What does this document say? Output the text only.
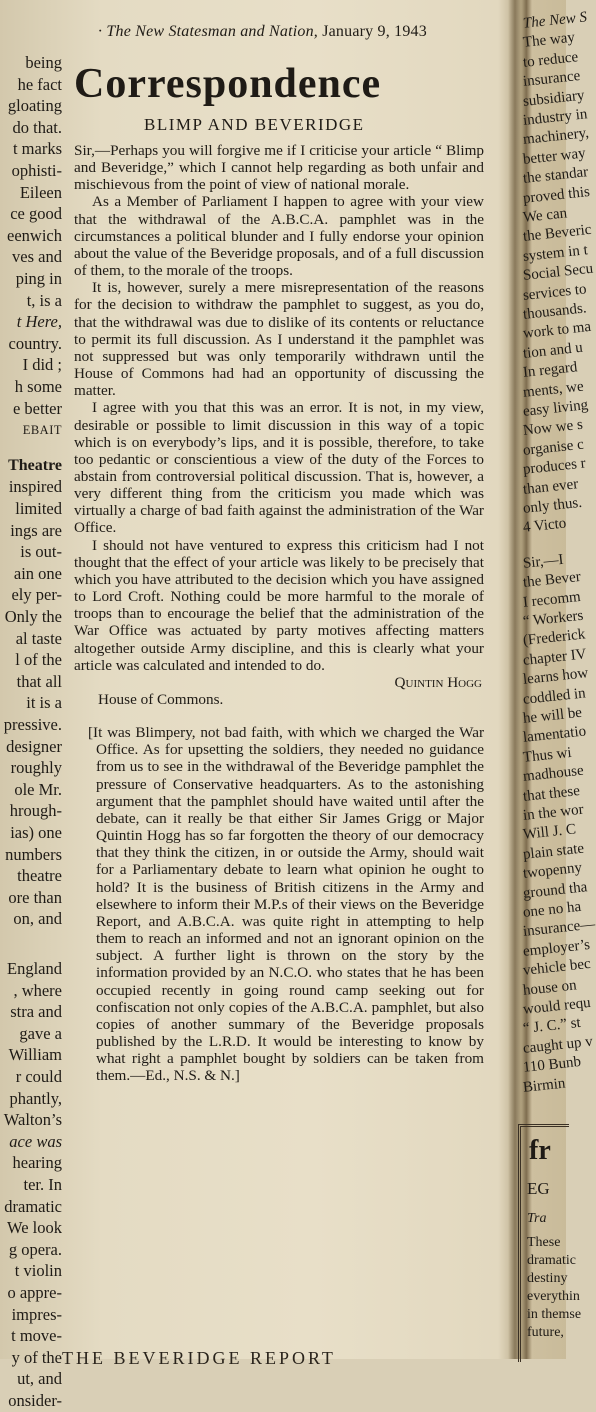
being
he fact
gloating
do that.
t marks
ophisti-
Eileen
ce good
eenwich
ves and
ping in
t, is a
t Here,
country.
I did ;
h some
e better
EBAIT
Theatre
inspired
limited
ings are
is out-
ain one
ely per-
Only the
al taste
l of the
that all
it is a
pressive.
designer
roughly
ole Mr.
hrough-
ias) one
numbers
theatre
ore than
on, and
England
, where
stra and
gave a
William
r could
phantly,
Walton’s
ace was
hearing
ter. In
dramatic
We look
g opera.
t violin
o appre-
impres-
t move-
y of the
ut, and
onsider-
· The New Statesman and Nation, January 9, 1943
Correspondence
BLIMP AND BEVERIDGE

Sir,—Perhaps you will forgive me if I criticise your article “ Blimp and Beveridge,” which I cannot help regarding as both unfair and mischievous from the point of view of national morale.

As a Member of Parliament I happen to agree with your view that the withdrawal of the A.B.C.A. pamphlet was in the circumstances a political blunder and I fully endorse your opinion about the value of the Beveridge proposals, and of a full discussion of them, to the morale of the troops.

It is, however, surely a mere misrepresentation of the reasons for the decision to withdraw the pamphlet to suggest, as you do, that the withdrawal was due to dislike of its contents or reluctance to permit its full discussion. As I understand it the pamphlet was not suppressed but was only temporarily withdrawn until the House of Commons had had an opportunity of discussing the matter.

I agree with you that this was an error. It is not, in my view, desirable or possible to limit discussion in this way of a topic which is on everybody’s lips, and it is possible, therefore, to take too pedantic or conscientious a view of the duty of the Forces to abstain from controversial political discussion. That is, however, a very different thing from the criticism you made which was virtually a charge of bad faith against the administration of the War Office.

I should not have ventured to express this criticism had I not thought that the effect of your article was likely to be precisely that which you have attributed to the decision which you have assigned to Lord Croft. Nothing could be more harmful to the morale of troops than to encourage the belief that the administration of the War Office was actuated by party motives affecting matters altogether outside Army discipline, and this is clearly what your article was calculated and intended to do.

Quintin Hogg

House of Commons.

[It was Blimpery, not bad faith, with which we charged the War Office. As for upsetting the soldiers, they needed no guidance from us to see in the withdrawal of the Beveridge pamphlet the pressure of Conservative headquarters. As to the astonishing argument that the pamphlet should have waited until after the debate, can it really be that either Sir James Grigg or Major Quintin Hogg has so far forgotten the theory of our democracy that they think the citizen, in or outside the Army, should wait for a Parliamentary debate to learn what opinion he ought to hold? It is the business of British citizens in the Army and elsewhere to inform their M.P.s of their views on the Beveridge Report, and A.B.C.A. was quite right in attempting to help them to reach an informed and not an ignorant opinion on the subject. A further light is thrown on the story by the information provided by an N.C.O. who states that he has been occupied recently in going round camp seeking out for confiscation not only copies of the A.B.C.A. pamphlet, but also copies of another summary of the Beveridge proposals published by the L.R.D. It would be interesting to know by what right a pamphlet bought by soldiers can be taken from them.—Ed., N.S. & N.]

THE BEVERIDGE REPORT
The New S
The way
to reduce
insurance
subsidiary
industry in
machinery,
better way
the standar
proved this
We can
the Beveric
system in t
Social Secu
services to
thousands.
work to ma
tion and u
In regard
ments, we
easy living
Now we s
organise c
produces r
than ever
only thus.
4 Victo
Sir,—I
the Bever
I recomm
“ Workers
(Frederick
chapter IV
learns how
coddled in
he will be
lamentatio
Thus wi
madhouse
that these
in the wor
Will J. C
plain state
twopenny
ground tha
one no ha
insurance—
employer’s
vehicle bec
house on
would requ
“ J. C.” st
caught up v
110 Bunb
Birmin
fr
EG
Tra
These
dramatic
destiny
everythin
in themse
future,
